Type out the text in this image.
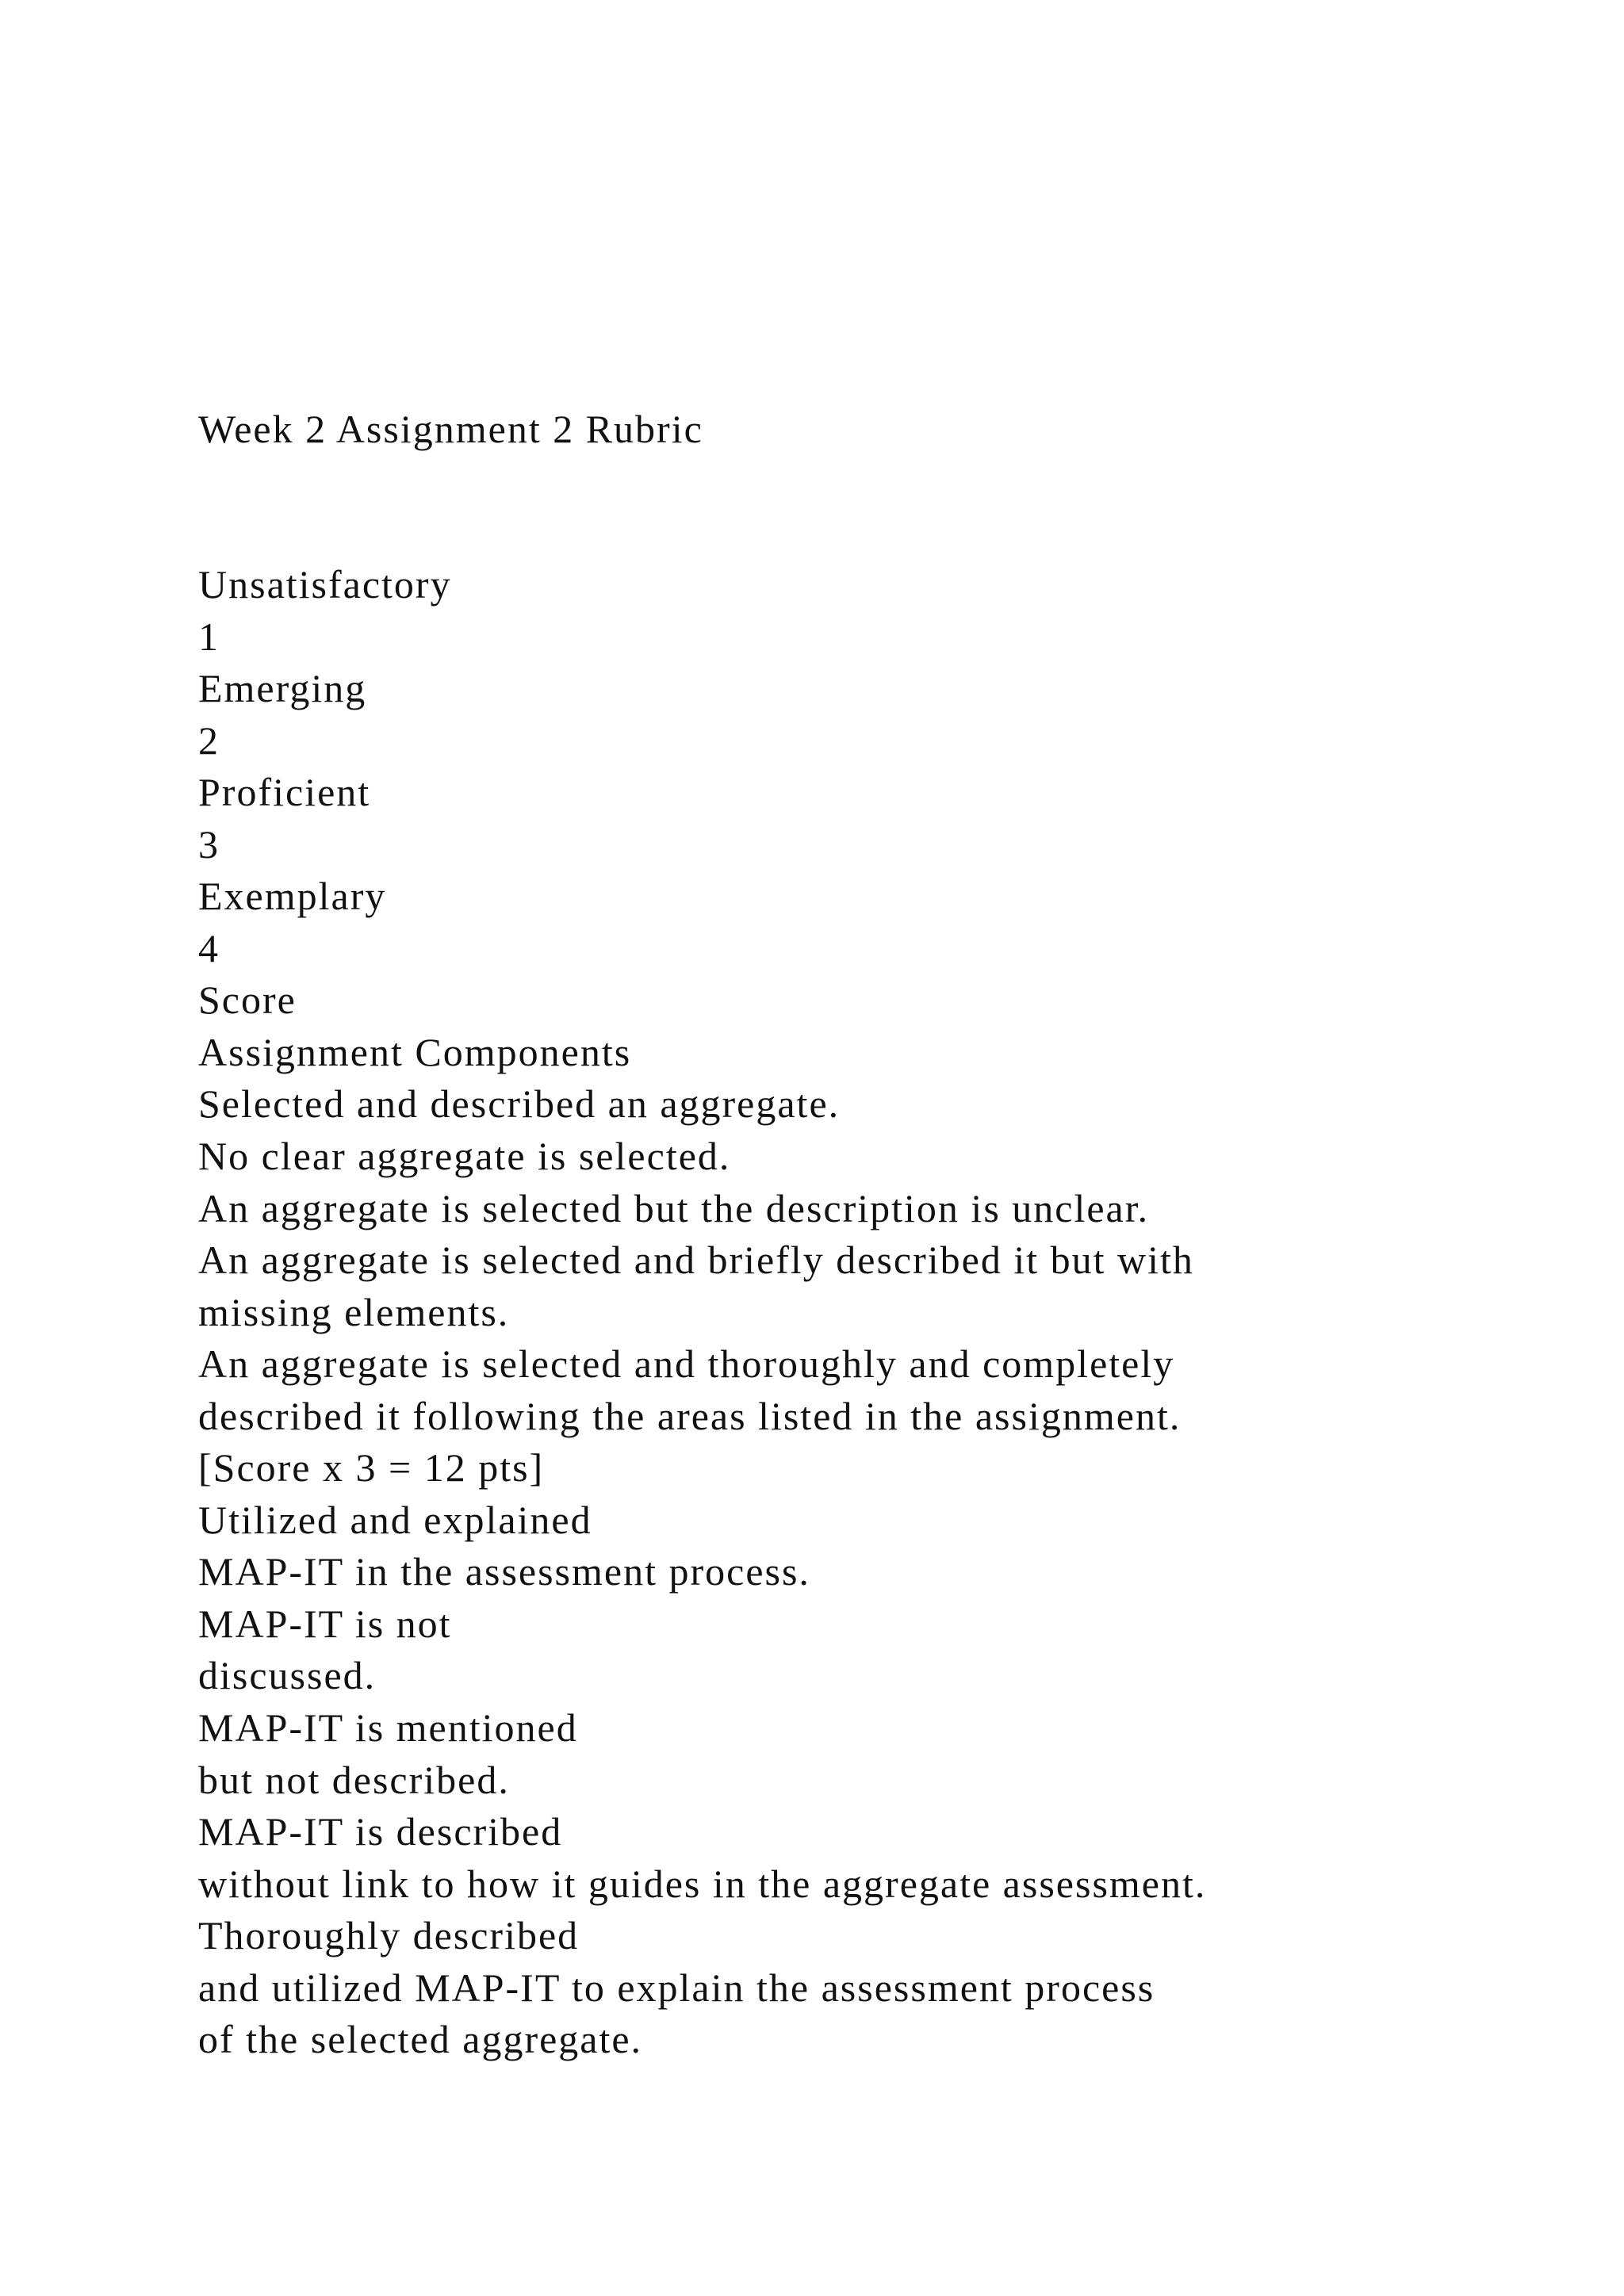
Week 2 Assignment 2 Rubric
Unsatisfactory
1
Emerging
2
Proficient
3
Exemplary
4
Score
Assignment Components
Selected and described an aggregate.
No clear aggregate is selected.
An aggregate is selected but the description is unclear.
An aggregate is selected and briefly described it but with
missing elements.
An aggregate is selected and thoroughly and completely
described it following the areas listed in the assignment.
[Score x 3 = 12 pts]
Utilized and explained
MAP-IT in the assessment process.
MAP-IT is not
discussed.
MAP-IT is mentioned
but not described.
MAP-IT is described
without link to how it guides in the aggregate assessment.
Thoroughly described
and utilized MAP-IT to explain the assessment process
of the selected aggregate.
